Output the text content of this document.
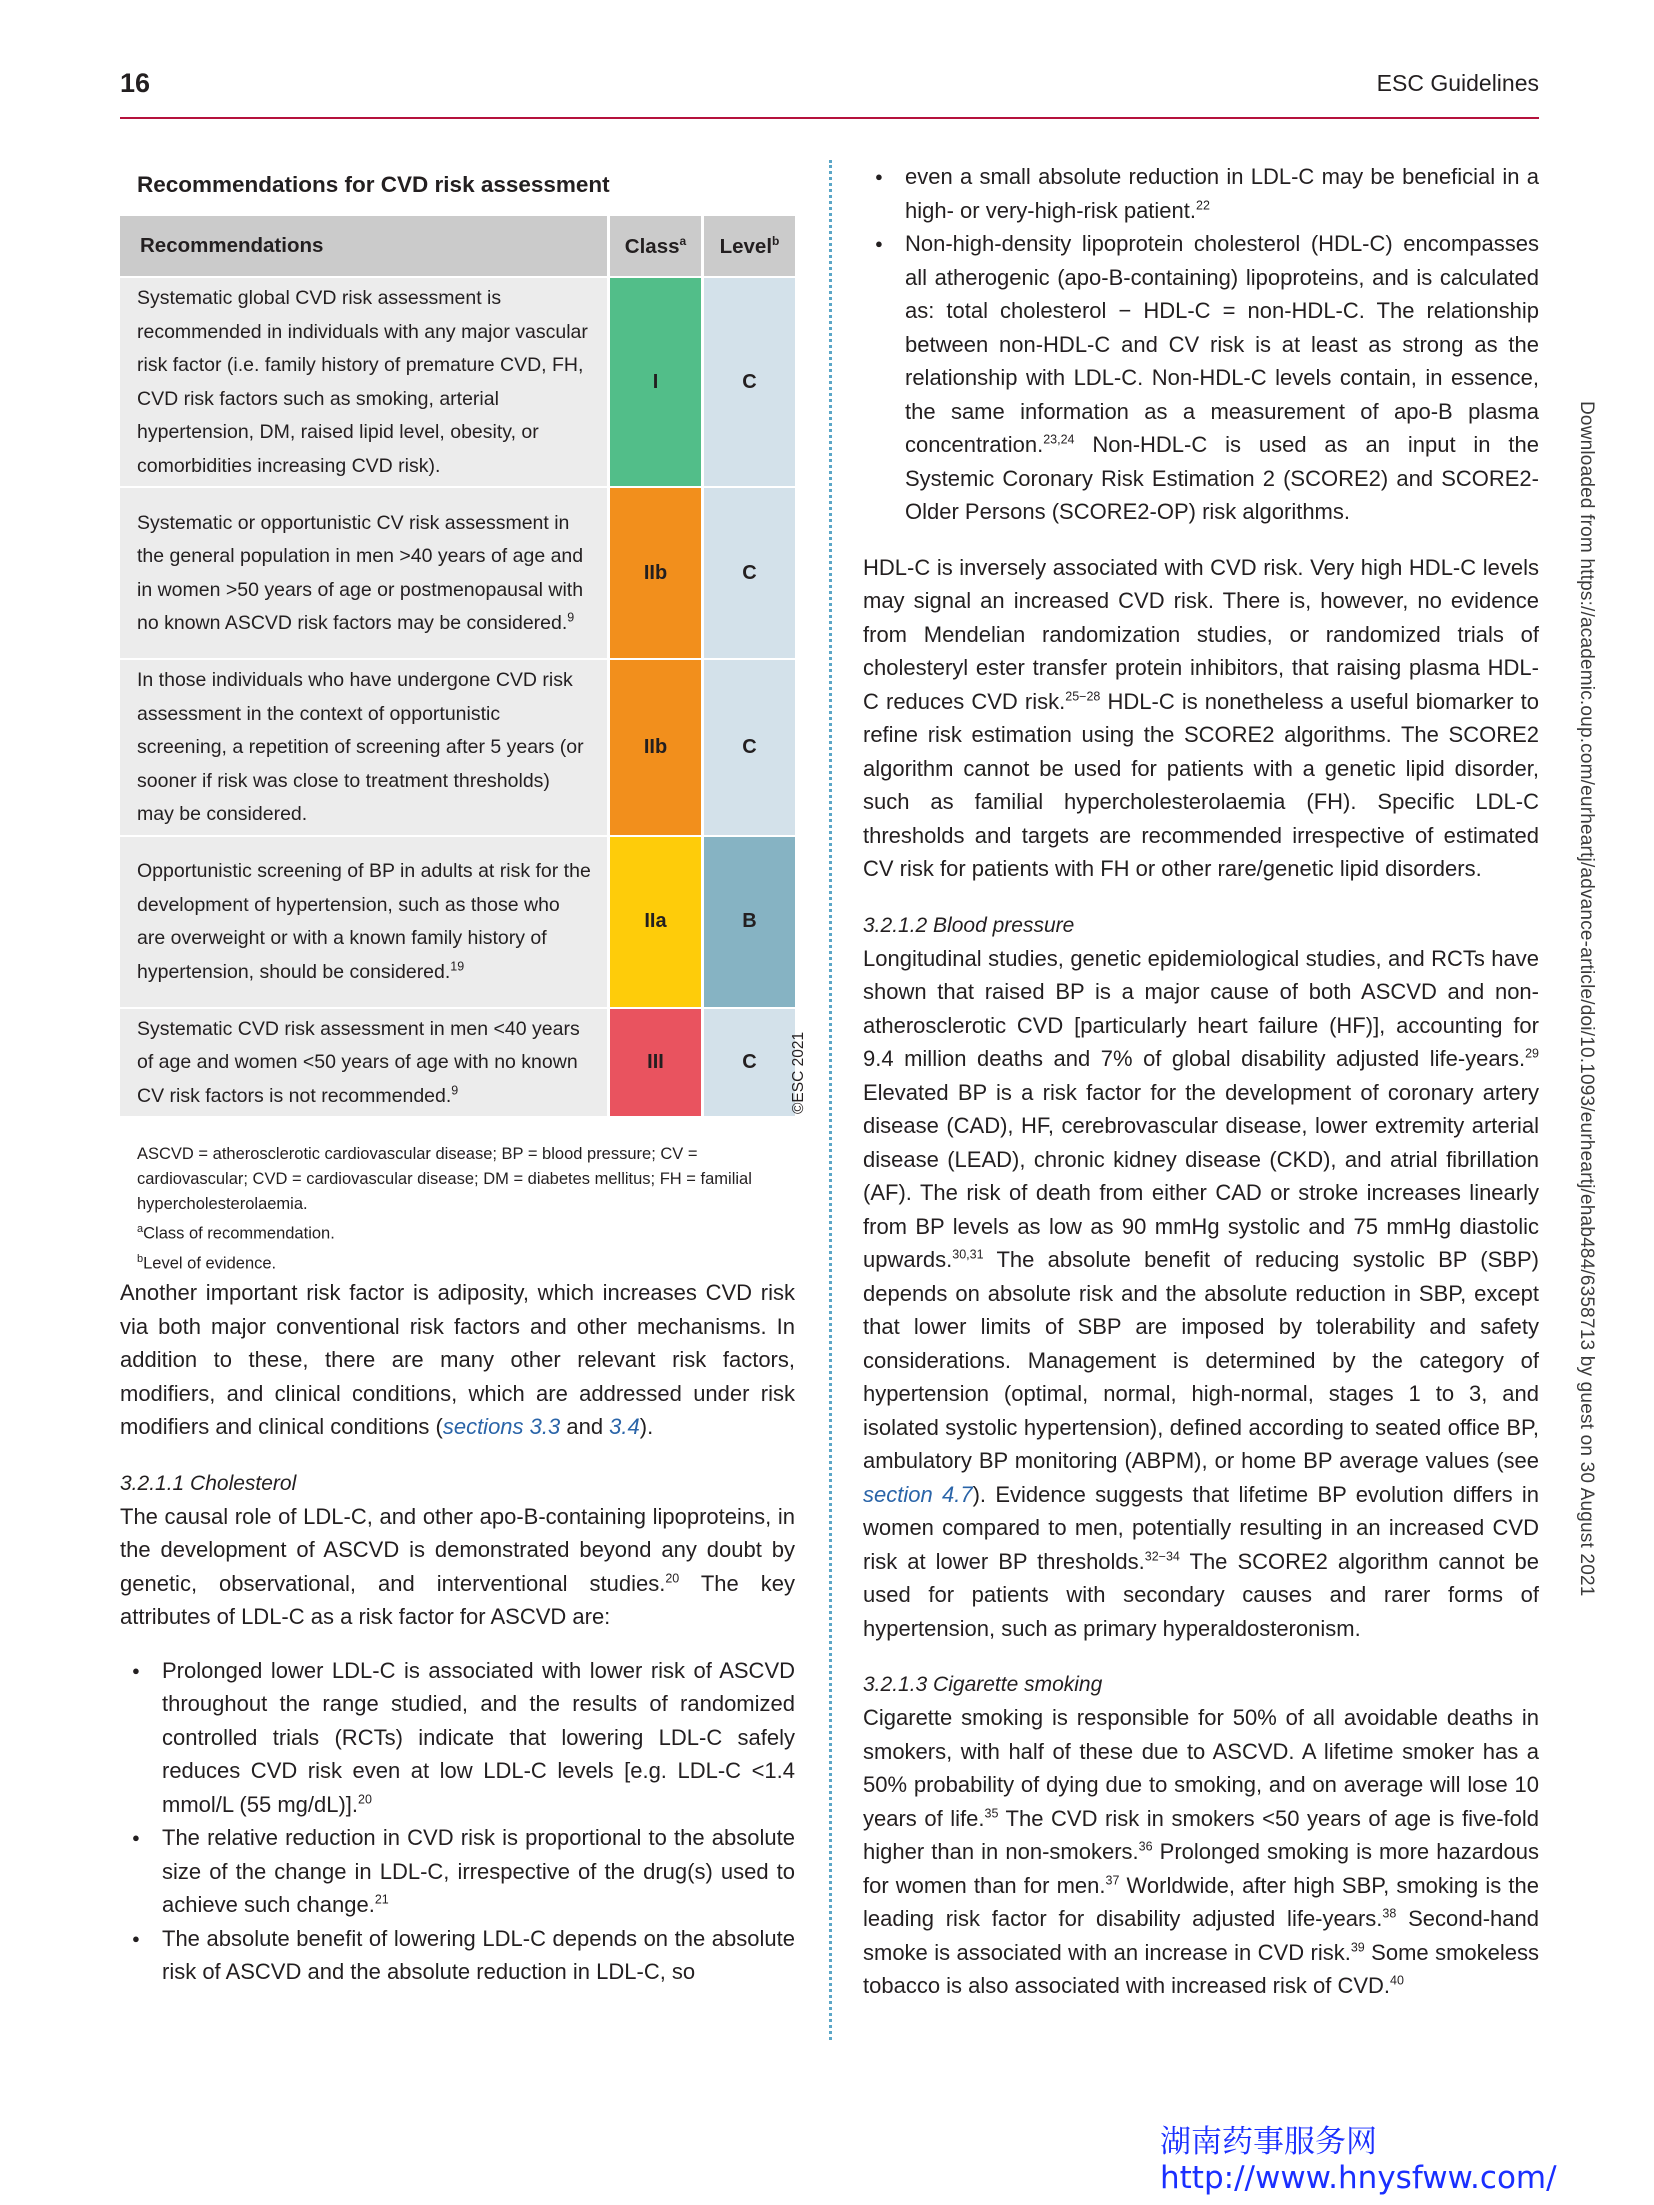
16	ESC Guidelines
Recommendations for CVD risk assessment
Recommendations	Class$^a$	Level$^b$
Systematic global CVD risk assessment is recommended in individuals with any major vascular risk factor (i.e. family history of premature CVD, FH, CVD risk factors such as smoking, arterial hypertension, DM, raised lipid level, obesity, or comorbidities increasing CVD risk).	I	C
Systematic or opportunistic CV risk assessment in the general population in men >40 years of age and in women >50 years of age or postmenopausal with no known ASCVD risk factors may be considered.$^9$	IIb	C
In those individuals who have undergone CVD risk assessment in the context of opportunistic screening, a repetition of screening after 5 years (or sooner if risk was close to treatment thresholds) may be considered.	IIb	C
Opportunistic screening of BP in adults at risk for the development of hypertension, such as those who are overweight or with a known family history of hypertension, should be considered.$^{19}$	IIa	B
Systematic CVD risk assessment in men <40 years of age and women <50 years of age with no known CV risk factors is not recommended.$^9$	III	C
ASCVD = atherosclerotic cardiovascular disease; BP = blood pressure; CV = cardiovascular; CVD = cardiovascular disease; DM = diabetes mellitus; FH = familial hypercholesterolaemia.
$^a$Class of recommendation.
$^b$Level of evidence.

Another important risk factor is adiposity, which increases CVD risk via both major conventional risk factors and other mechanisms. In addition to these, there are many other relevant risk factors, modifiers, and clinical conditions, which are addressed under risk modifiers and clinical conditions (sections 3.3 and 3.4).

3.2.1.1 Cholesterol

The causal role of LDL-C, and other apo-B-containing lipoproteins, in the development of ASCVD is demonstrated beyond any doubt by genetic, observational, and interventional studies.$^{20}$ The key attributes of LDL-C as a risk factor for ASCVD are:

● Prolonged lower LDL-C is associated with lower risk of ASCVD throughout the range studied, and the results of randomized controlled trials (RCTs) indicate that lowering LDL-C safely reduces CVD risk even at low LDL-C levels [e.g. LDL-C <1.4 mmol/L (55 mg/dL)].$^{20}$
● The relative reduction in CVD risk is proportional to the absolute size of the change in LDL-C, irrespective of the drug(s) used to achieve such change.$^{21}$
● The absolute benefit of lowering LDL-C depends on the absolute risk of ASCVD and the absolute reduction in LDL-C, so
©ESC 2021
● even a small absolute reduction in LDL-C may be beneficial in a high- or very-high-risk patient.$^{22}$
● Non-high-density lipoprotein cholesterol (HDL-C) encompasses all atherogenic (apo-B-containing) lipoproteins, and is calculated as: total cholesterol − HDL-C = non-HDL-C. The relationship between non-HDL-C and CV risk is at least as strong as the relationship with LDL-C. Non-HDL-C levels contain, in essence, the same information as a measurement of apo-B plasma concentration.$^{23,24}$ Non-HDL-C is used as an input in the Systemic Coronary Risk Estimation 2 (SCORE2) and SCORE2-Older Persons (SCORE2-OP) risk algorithms.

HDL-C is inversely associated with CVD risk. Very high HDL-C levels may signal an increased CVD risk. There is, however, no evidence from Mendelian randomization studies, or randomized trials of cholesteryl ester transfer protein inhibitors, that raising plasma HDL-C reduces CVD risk.$^{25-28}$ HDL-C is nonetheless a useful biomarker to refine risk estimation using the SCORE2 algorithms. The SCORE2 algorithm cannot be used for patients with a genetic lipid disorder, such as familial hypercholesterolaemia (FH). Specific LDL-C thresholds and targets are recommended irrespective of estimated CV risk for patients with FH or other rare/genetic lipid disorders.

3.2.1.2 Blood pressure

Longitudinal studies, genetic epidemiological studies, and RCTs have shown that raised BP is a major cause of both ASCVD and non-atherosclerotic CVD [particularly heart failure (HF)], accounting for 9.4 million deaths and 7% of global disability adjusted life-years.$^{29}$ Elevated BP is a risk factor for the development of coronary artery disease (CAD), HF, cerebrovascular disease, lower extremity arterial disease (LEAD), chronic kidney disease (CKD), and atrial fibrillation (AF). The risk of death from either CAD or stroke increases linearly from BP levels as low as 90 mmHg systolic and 75 mmHg diastolic upwards.$^{30,31}$ The absolute benefit of reducing systolic BP (SBP) depends on absolute risk and the absolute reduction in SBP, except that lower limits of SBP are imposed by tolerability and safety considerations. Management is determined by the category of hypertension (optimal, normal, high-normal, stages 1 to 3, and isolated systolic hypertension), defined according to seated office BP, ambulatory BP monitoring (ABPM), or home BP average values (see section 4.7). Evidence suggests that lifetime BP evolution differs in women compared to men, potentially resulting in an increased CVD risk at lower BP thresholds.$^{32-34}$ The SCORE2 algorithm cannot be used for patients with secondary causes and rarer forms of hypertension, such as primary hyperaldosteronism.

3.2.1.3 Cigarette smoking

Cigarette smoking is responsible for 50% of all avoidable deaths in smokers, with half of these due to ASCVD. A lifetime smoker has a 50% probability of dying due to smoking, and on average will lose 10 years of life.$^{35}$ The CVD risk in smokers <50 years of age is five-fold higher than in non-smokers.$^{36}$ Prolonged smoking is more hazardous for women than for men.$^{37}$ Worldwide, after high SBP, smoking is the leading risk factor for disability adjusted life-years.$^{38}$ Second-hand smoke is associated with an increase in CVD risk.$^{39}$ Some smokeless tobacco is also associated with increased risk of CVD.$^{40}$

Downloaded from https://academic.oup.com/eurheartj/advance-article/doi/10.1093/eurheartj/ehab484/6358713 by guest on 30 August 2021
湖南药事服务网
http://www.hnysfww.com/
